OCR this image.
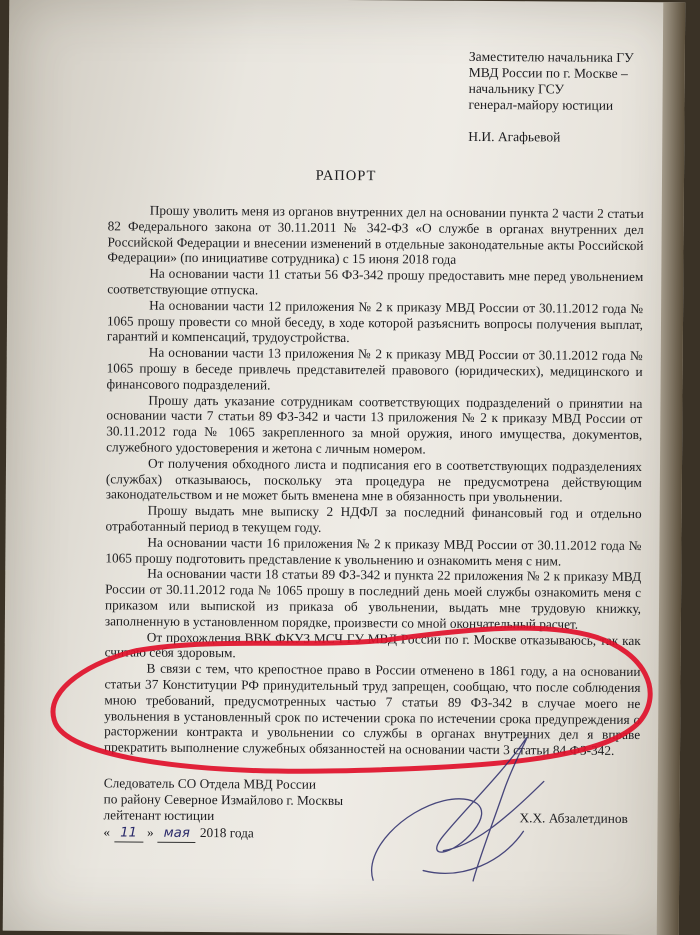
Заместителю начальника ГУ
МВД России по г. Москве –
начальнику ГСУ
генерал-майору юстиции
Н.И. Агафьевой
РАПОРТ

Прошу уволить меня из органов внутренних дел на основании пункта 2 части 2 статьи 82 Федерального закона от 30.11.2011 № 342-ФЗ «О службе в органах внутренних дел Российской Федерации и внесении изменений в отдельные законодательные акты Российской Федерации» (по инициативе сотрудника) с 15 июня 2018 года

На основании части 11 статьи 56 ФЗ-342 прошу предоставить мне перед увольнением соответствующие отпуска.

На основании части 12 приложения № 2 к приказу МВД России от 30.11.2012 года № 1065 прошу провести со мной беседу, в ходе которой разъяснить вопросы получения выплат, гарантий и компенсаций, трудоустройства.

На основании части 13 приложения № 2 к приказу МВД России от 30.11.2012 года № 1065 прошу в беседе привлечь представителей правового (юридических), медицинского и финансового подразделений.

Прошу дать указание сотрудникам соответствующих подразделений о принятии на основании части 7 статьи 89 ФЗ-342 и части 13 приложения № 2 к приказу МВД России от 30.11.2012 года № 1065 закрепленного за мной оружия, иного имущества, документов, служебного удостоверения и жетона с личным номером.

От получения обходного листа и подписания его в соответствующих подразделениях (службах) отказываюсь, поскольку эта процедура не предусмотрена действующим законодательством и не может быть вменена мне в обязанность при увольнении.

Прошу выдать мне выписку 2 НДФЛ за последний финансовый год и отдельно отработанный период в текущем году.

На основании части 16 приложения № 2 к приказу МВД России от 30.11.2012 года № 1065 прошу подготовить представление к увольнению и ознакомить меня с ним.

На основании части 18 статьи 89 ФЗ-342 и пункта 22 приложения № 2 к приказу МВД России от 30.11.2012 года № 1065 прошу в последний день моей службы ознакомить меня с приказом или выпиской из приказа об увольнении, выдать мне трудовую книжку, заполненную в установленном порядке, произвести со мной окончательный расчет.

От прохождения ВВК ФКУЗ МСЧ ГУ МВД России по г. Москве отказываюсь, так как считаю себя здоровым.

В связи с тем, что крепостное право в России отменено в 1861 году, а на основании статьи 37 Конституции РФ принудительный труд запрещен, сообщаю, что после соблюдения мною требований, предусмотренных частью 7 статьи 89 ФЗ-342 в случае моего не увольнения в установленный срок по истечении срока по истечении срока предупреждения о расторжении контракта и увольнении со службы в органах внутренних дел я вправе прекратить выполнение служебных обязанностей на основании части 3 статьи 84 ФЗ-342.

Следователь СО Отдела МВД России
по району Северное Измайлово г. Москвы
лейтенант юстиции
« 11 » мая 2018 года
Х.Х. Абзалетдинов
